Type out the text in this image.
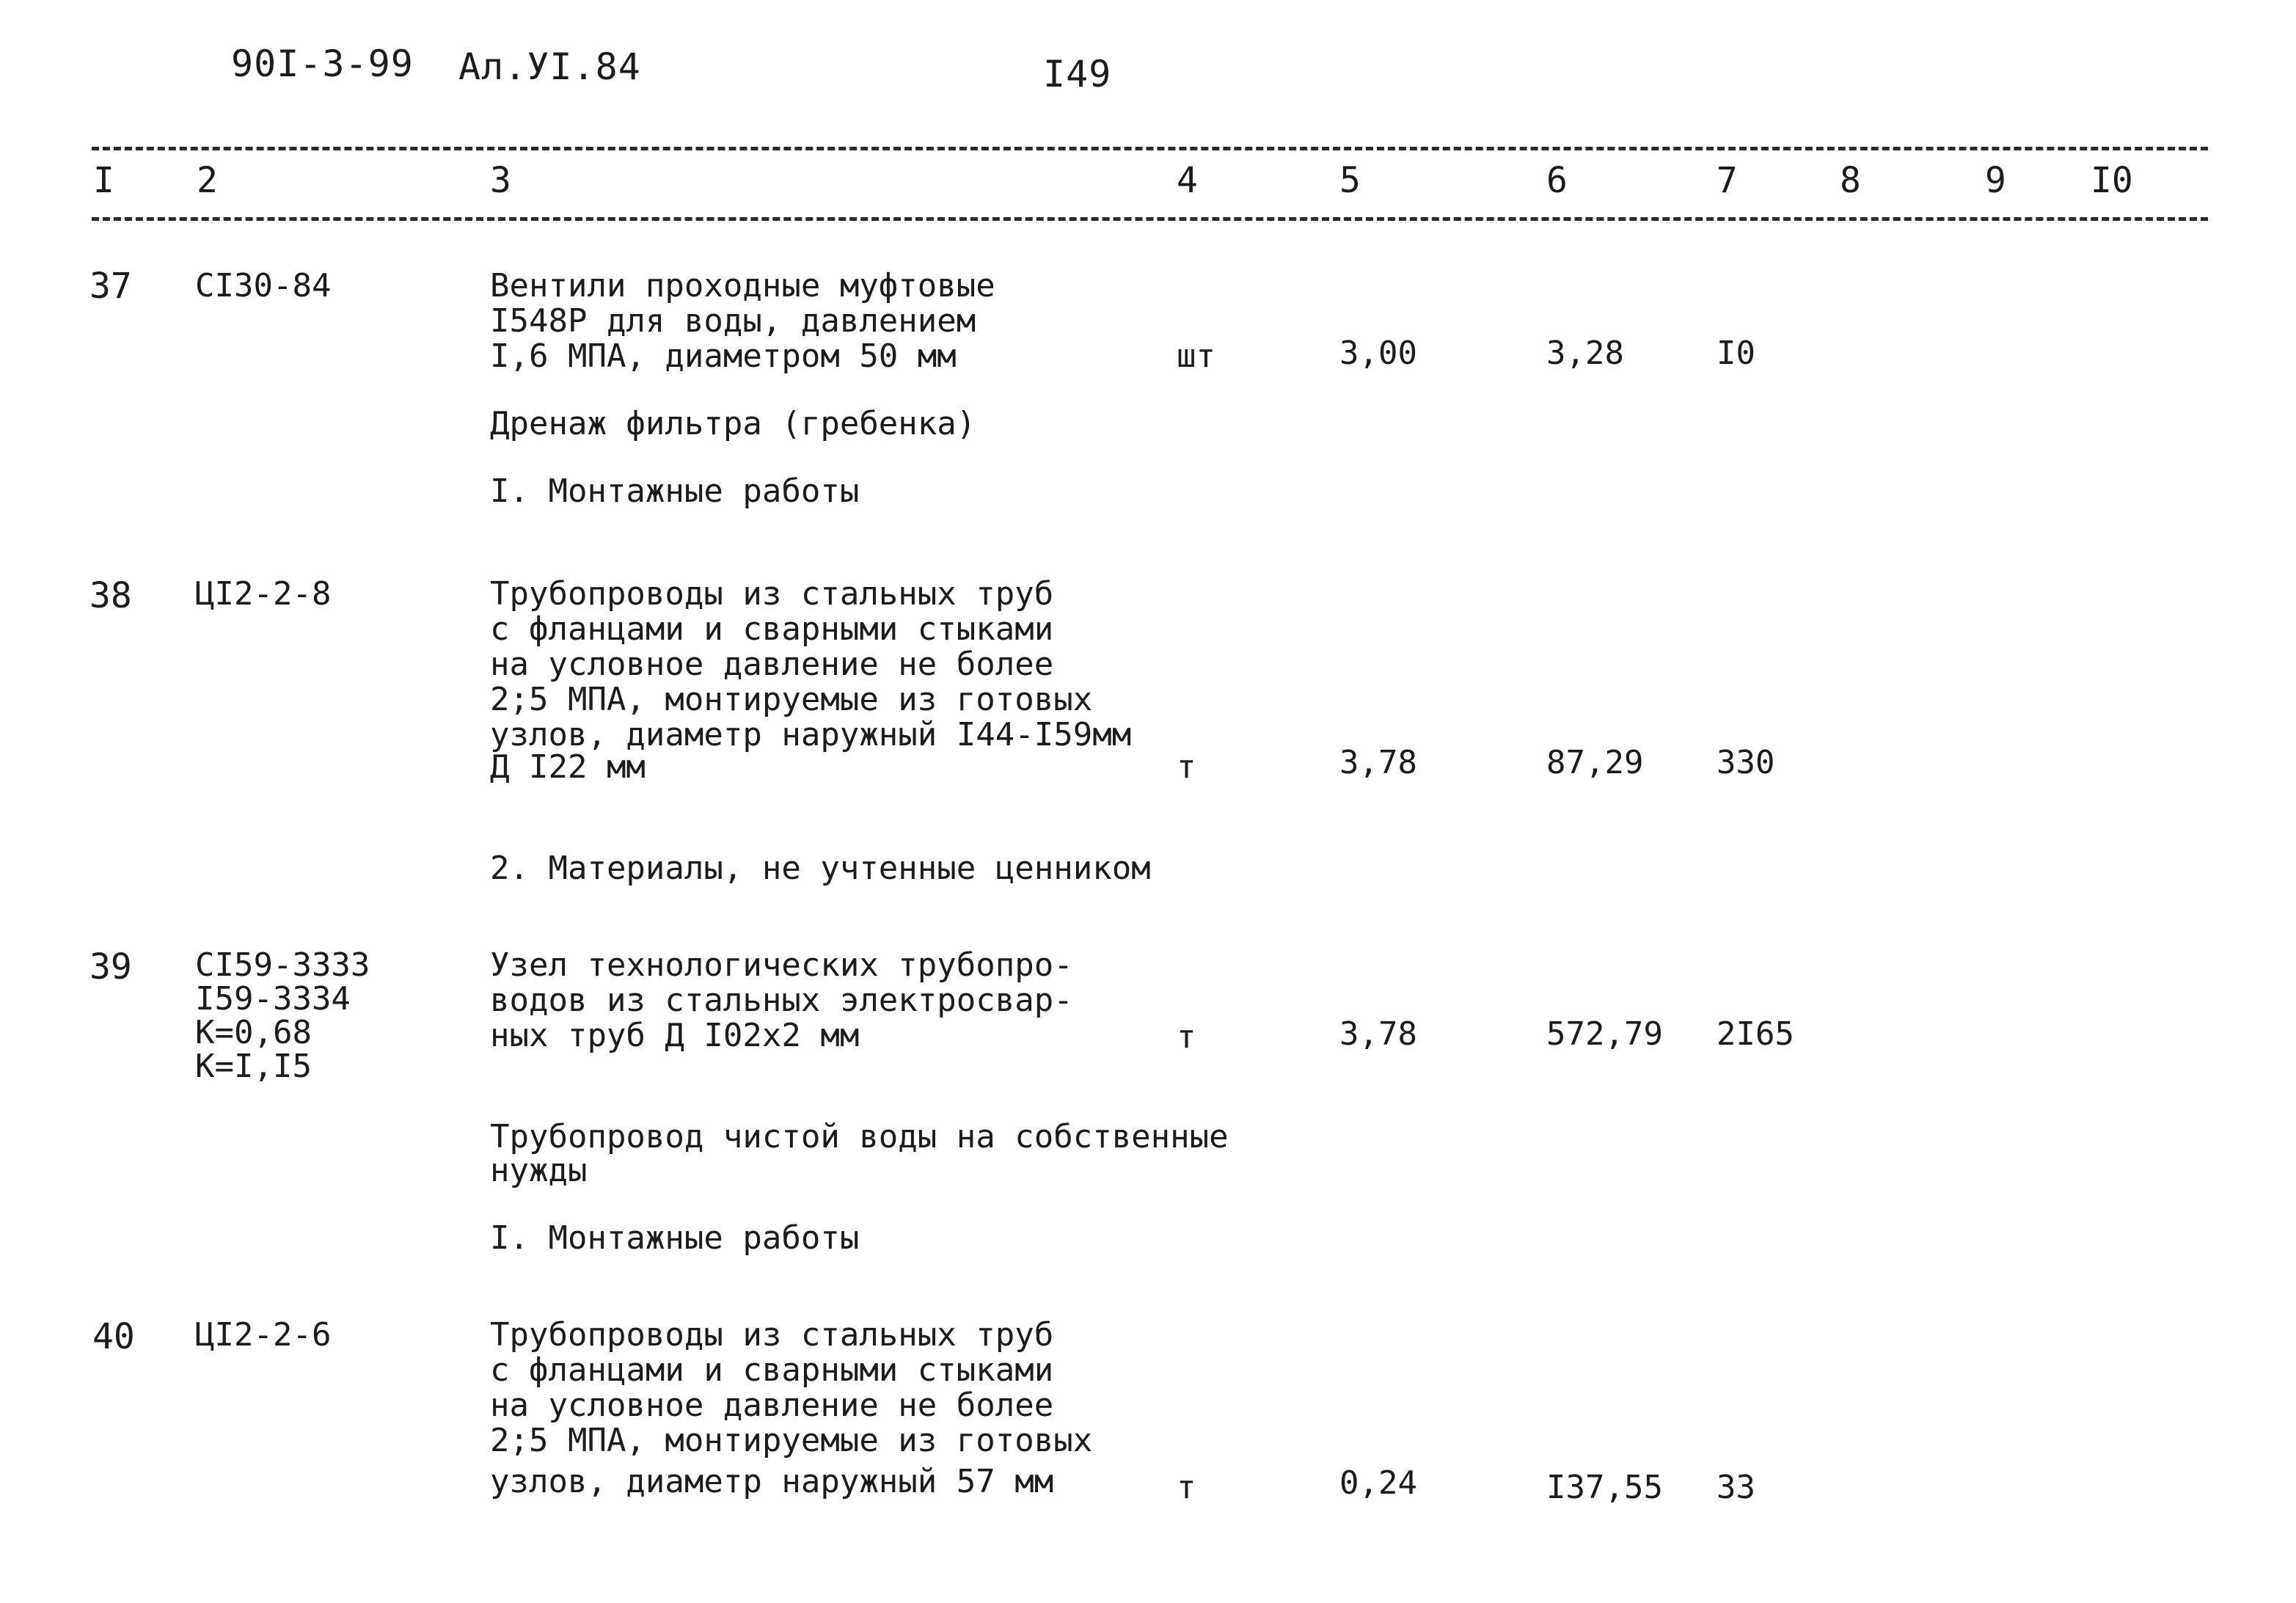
90I-3-99 Ал.УI.84	I49
I 2	3	4	5	6	7	8	9 I0
37 CI30-84	Вентили проходные муфтовые
I548P для воды, давлением
I,6 МПА, диаметром 50 мм	шт	3,00	3,28	I0
Дренаж фильтра (гребенка)
I. Монтажные работы
38 ЦI2-2-8	Трубопроводы из стальных труб
с фланцами и сварными стыками
на условное давление не более
2;5 МПА, монтируемые из готовых
узлов, диаметр наружный I44-I59мм
Д I22 мм	т	3,78	87,29 330
2. Материалы, не учтенные ценником
39 CI59-3333
I59-3334
К=0,68
К=I,I5
Узел технологических трубопро-
водов из стальных электросвар-
ных труб Д I02х2 мм	т	3,78	572,79 2I65
Трубопровод чистой воды на собственные
нужды
I. Монтажные работы
40 ЦI2-2-6	Трубопроводы из стальных труб
с фланцами и сварными стыками
на условное давление не более
2;5 МПА, монтируемые из готовых
узлов, диаметр наружный 57 мм	т	0,24	I37,55 33
